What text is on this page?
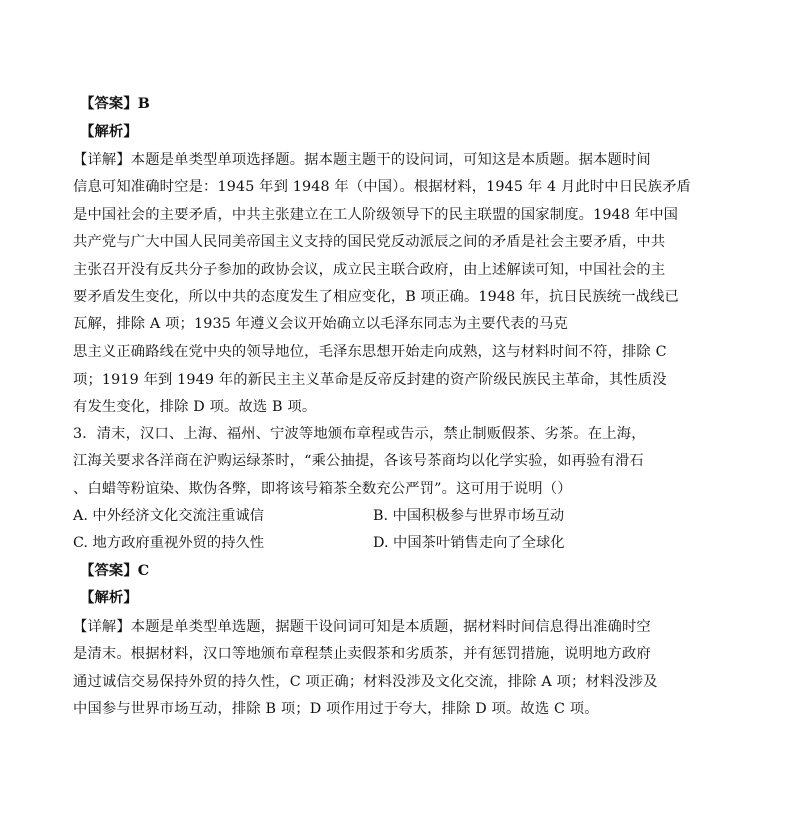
【答案】B
【解析】
【详解】本题是单类型单项选择题。据本题主题干的设问词，可知这是本质题。据本题时间
信息可知准确时空是：1945 年到 1948 年（中国）。根据材料，1945 年 4 月此时中日民族矛盾
是中国社会的主要矛盾，中共主张建立在工人阶级领导下的民主联盟的国家制度。1948 年中国
共产党与广大中国人民同美帝国主义支持的国民党反动派辰之间的矛盾是社会主要矛盾，中共
主张召开没有反共分子参加的政协会议，成立民主联合政府，由上述解读可知，中国社会的主
要矛盾发生变化，所以中共的态度发生了相应变化，B 项正确。1948 年，抗日民族统一战线已
瓦解，排除 A 项；1935 年遵义会议开始确立以毛泽东同志为主要代表的马克
思主义正确路线在党中央的领导地位，毛泽东思想开始走向成熟，这与材料时间不符，排除 C
项；1919 年到 1949 年的新民主主义革命是反帝反封建的资产阶级民族民主革命，其性质没
有发生变化，排除 D 项。故选 B 项。
3．清末，汉口、上海、福州、宁波等地颁布章程或告示，禁止制贩假茶、劣茶。在上海，
江海关要求各洋商在沪购运绿茶时，“乘公抽提，各该号茶商均以化学实验，如再验有滑石
、白蜡等粉谊染、欺伪各弊，即将该号箱茶全数充公严罚”。这可用于说明（）
A. 中外经济文化交流注重诚信	B. 中国积极参与世界市场互动
C. 地方政府重视外贸的持久性	D. 中国茶叶销售走向了全球化
【答案】C
【解析】
【详解】本题是单类型单选题，据题干设问词可知是本质题，据材料时间信息得出准确时空
是清末。根据材料，汉口等地颁布章程禁止卖假茶和劣质茶，并有惩罚措施，说明地方政府
通过诚信交易保持外贸的持久性，C 项正确；材料没涉及文化交流，排除 A 项；材料没涉及
中国参与世界市场互动，排除 B 项；D 项作用过于夸大，排除 D 项。故选 C 项。
